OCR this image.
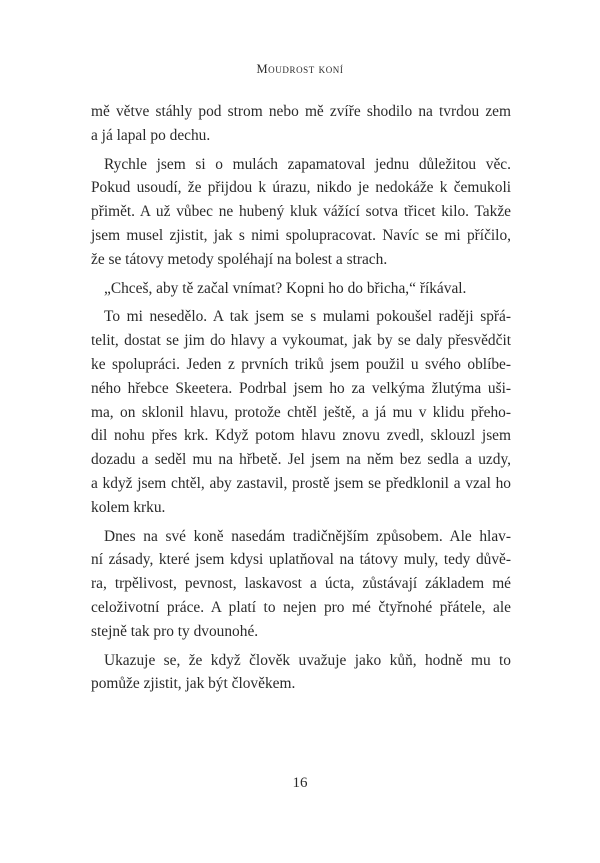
Moudrost koní

mě větve stáhly pod strom nebo mě zvíře shodilo na tvrdou zem
a já lapal po dechu.

Rychle jsem si o mulách zapamatoval jednu důležitou věc.
Pokud usoudí, že přijdou k úrazu, nikdo je nedokáže k čemukoli
přimět. A už vůbec ne hubený kluk vážící sotva třicet kilo. Takže
jsem musel zjistit, jak s nimi spolupracovat. Navíc se mi příčilo,
že se tátovy metody spoléhají na bolest a strach.

„Chceš, aby tě začal vnímat? Kopni ho do břicha,“ říkával.

To mi nesedělo. A tak jsem se s mulami pokoušel raději spřá-
telit, dostat se jim do hlavy a vykoumat, jak by se daly přesvědčit
ke spolupráci. Jeden z prvních triků jsem použil u svého oblíbe-
ného hřebce Skeetera. Podrbal jsem ho za velkýma žlutýma uši-
ma, on sklonil hlavu, protože chtěl ještě, a já mu v klidu přeho-
dil nohu přes krk. Když potom hlavu znovu zvedl, sklouzl jsem
dozadu a seděl mu na hřbetě. Jel jsem na něm bez sedla a uzdy,
a když jsem chtěl, aby zastavil, prostě jsem se předklonil a vzal ho
kolem krku.

Dnes na své koně nasedám tradičnějším způsobem. Ale hlav-
ní zásady, které jsem kdysi uplatňoval na tátovy muly, tedy důvě-
ra, trpělivost, pevnost, laskavost a úcta, zůstávají základem mé
celoživotní práce. A platí to nejen pro mé čtyřnohé přátele, ale
stejně tak pro ty dvounohé.

Ukazuje se, že když člověk uvažuje jako kůň, hodně mu to
pomůže zjistit, jak být člověkem.

16
